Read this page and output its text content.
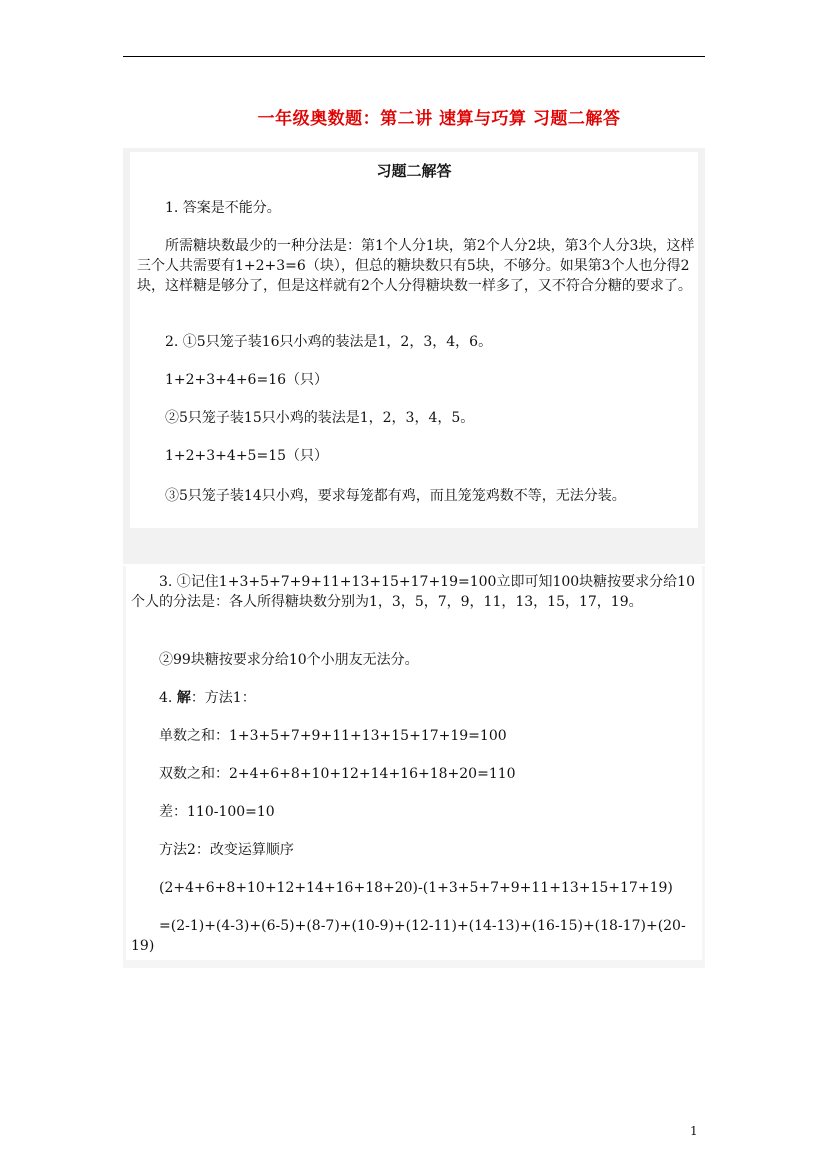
一年级奥数题：第二讲 速算与巧算 习题二解答
习题二解答
1. 答案是不能分。
所需糖块数最少的一种分法是：第1个人分1块，第2个人分2块，第3个人分3块，这样三个人共需要有1+2+3=6（块），但总的糖块数只有5块，不够分。如果第3个人也分得2块，这样糖是够分了，但是这样就有2个人分得糖块数一样多了，又不符合分糖的要求了。
2. ①5只笼子装16只小鸡的装法是1，2，3，4，6。
1+2+3+4+6=16（只）
②5只笼子装15只小鸡的装法是1，2，3，4，5。
1+2+3+4+5=15（只）
③5只笼子装14只小鸡，要求每笼都有鸡，而且笼笼鸡数不等，无法分装。
3. ①记住1+3+5+7+9+11+13+15+17+19=100立即可知100块糖按要求分给10个人的分法是：各人所得糖块数分别为1，3，5，7，9，11，13，15，17，19。
②99块糖按要求分给10个小朋友无法分。
4. 解：方法1：
单数之和：1+3+5+7+9+11+13+15+17+19=100
双数之和：2+4+6+8+10+12+14+16+18+20=110
差：110-100=10
方法2：改变运算顺序
(2+4+6+8+10+12+14+16+18+20)-(1+3+5+7+9+11+13+15+17+19)
=(2-1)+(4-3)+(6-5)+(8-7)+(10-9)+(12-11)+(14-13)+(16-15)+(18-17)+(20-19)
1
